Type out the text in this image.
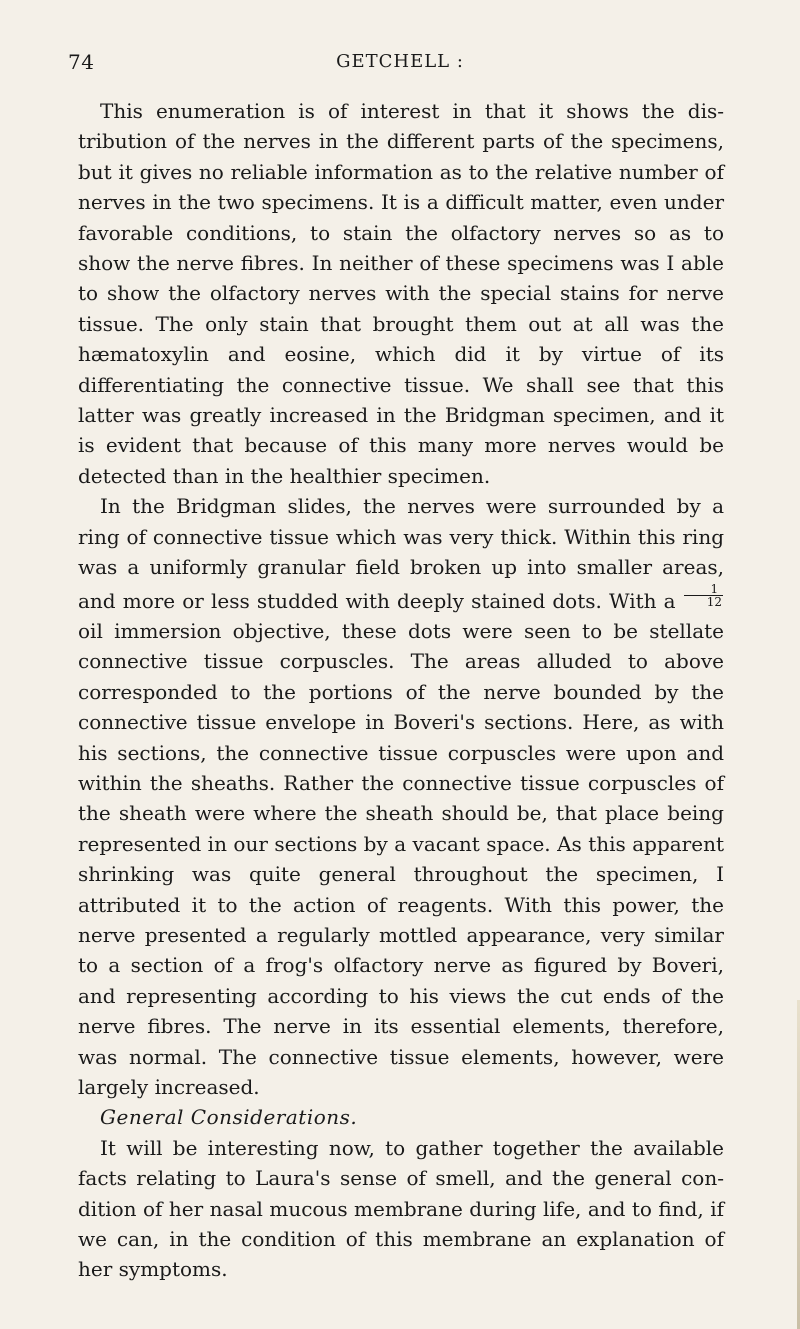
74	GETCHELL :

This enumeration is of interest in that it shows the distribution of the nerves in the different parts of the specimens, but it gives no reliable information as to the relative number of nerves in the two specimens. It is a difficult matter, even under favorable conditions, to stain the olfactory nerves so as to show the nerve fibres. In neither of these specimens was I able to show the olfactory nerves with the special stains for nerve tissue. The only stain that brought them out at all was the hæmatoxylin and eosine, which did it by virtue of its differentiating the connective tissue. We shall see that this latter was greatly increased in the Bridgman specimen, and it is evident that because of this many more nerves would be detected than in the healthier specimen.

In the Bridgman slides, the nerves were surrounded by a ring of connective tissue which was very thick. Within this ring was a uniformly granular field broken up into smaller areas, and more or less studded with deeply stained dots. With a $\frac{1}{12}$
oil immersion objective, these dots were seen to be stellate connective tissue corpuscles. The areas alluded to above corresponded to the portions of the nerve bounded by the connective tissue envelope in Boveri's sections. Here, as with his sections, the connective tissue corpuscles were upon and within the sheaths. Rather the connective tissue corpuscles of the sheath were where the sheath should be, that place being represented in our sections by a vacant space. As this apparent shrinking was quite general throughout the specimen, I attributed it to the action of reagents. With this power, the nerve presented a regularly mottled appearance, very similar to a section of a frog's olfactory nerve as figured by Boveri, and representing according to his views the cut ends of the nerve fibres. The nerve in its essential elements, therefore, was normal. The connective tissue elements, however, were largely increased.

General Considerations.

It will be interesting now, to gather together the available facts relating to Laura's sense of smell, and the general condition of her nasal mucous membrane during life, and to find, if we can, in the condition of this membrane an explanation of her symptoms.
